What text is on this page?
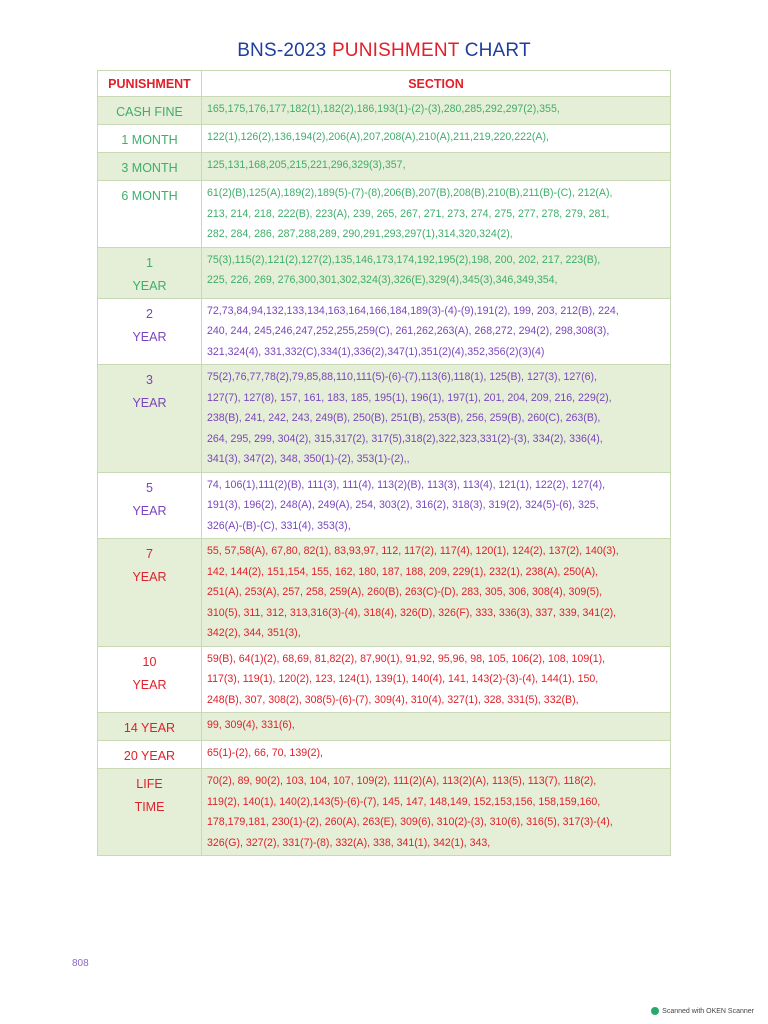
BNS-2023 PUNISHMENT CHART
PUNISHMENT	SECTION

CASH FINE	165,175,176,177,182(1),182(2),186,193(1)-(2)-(3),280,285,292,297(2),355,

1 MONTH	122(1),126(2),136,194(2),206(A),207,208(A),210(A),211,219,220,222(A),

3 MONTH	125,131,168,205,215,221,296,329(3),357,

6 MONTH	61(2)(B),125(A),189(2),189(5)-(7)-(8),206(B),207(B),208(B),210(B),211(B)-(C), 212(A),
213, 214, 218, 222(B), 223(A), 239, 265, 267, 271, 273, 274, 275, 277, 278, 279, 281,
282, 284, 286, 287,288,289, 290,291,293,297(1),314,320,324(2),

1
YEAR	75(3),115(2),121(2),127(2),135,146,173,174,192,195(2),198, 200, 202, 217, 223(B),
225, 226, 269, 276,300,301,302,324(3),326(E),329(4),345(3),346,349,354,

2
YEAR	72,73,84,94,132,133,134,163,164,166,184,189(3)-(4)-(9),191(2), 199, 203, 212(B), 224,
240, 244, 245,246,247,252,255,259(C), 261,262,263(A), 268,272, 294(2), 298,308(3),
321,324(4), 331,332(C),334(1),336(2),347(1),351(2)(4),352,356(2)(3)(4)

3
YEAR	75(2),76,77,78(2),79,85,88,110,111(5)-(6)-(7),113(6),118(1), 125(B), 127(3), 127(6),
127(7), 127(8), 157, 161, 183, 185, 195(1), 196(1), 197(1), 201, 204, 209, 216, 229(2),
238(B), 241, 242, 243, 249(B), 250(B), 251(B), 253(B), 256, 259(B), 260(C), 263(B),
264, 295, 299, 304(2), 315,317(2), 317(5),318(2),322,323,331(2)-(3), 334(2), 336(4),
341(3), 347(2), 348, 350(1)-(2), 353(1)-(2),,

5
YEAR	74, 106(1),111(2)(B), 111(3), 111(4), 113(2)(B), 113(3), 113(4), 121(1), 122(2), 127(4),
191(3), 196(2), 248(A), 249(A), 254, 303(2), 316(2), 318(3), 319(2), 324(5)-(6), 325,
326(A)-(B)-(C), 331(4), 353(3),

7
YEAR	55, 57,58(A), 67,80, 82(1), 83,93,97, 112, 117(2), 117(4), 120(1), 124(2), 137(2), 140(3),
142, 144(2), 151,154, 155, 162, 180, 187, 188, 209, 229(1), 232(1), 238(A), 250(A),
251(A), 253(A), 257, 258, 259(A), 260(B), 263(C)-(D), 283, 305, 306, 308(4), 309(5),
310(5), 311, 312, 313,316(3)-(4), 318(4), 326(D), 326(F), 333, 336(3), 337, 339, 341(2),
342(2), 344, 351(3),

10
YEAR	59(B), 64(1)(2), 68,69, 81,82(2), 87,90(1), 91,92, 95,96, 98, 105, 106(2), 108, 109(1),
117(3), 119(1), 120(2), 123, 124(1), 139(1), 140(4), 141, 143(2)-(3)-(4), 144(1), 150,
248(B), 307, 308(2), 308(5)-(6)-(7), 309(4), 310(4), 327(1), 328, 331(5), 332(B),

14 YEAR	99, 309(4), 331(6),

20 YEAR	65(1)-(2), 66, 70, 139(2),

LIFE
TIME	70(2), 89, 90(2), 103, 104, 107, 109(2), 111(2)(A), 113(2)(A), 113(5), 113(7), 118(2),
119(2), 140(1), 140(2),143(5)-(6)-(7), 145, 147, 148,149, 152,153,156, 158,159,160,
178,179,181, 230(1)-(2), 260(A), 263(E), 309(6), 310(2)-(3), 310(6), 316(5), 317(3)-(4),
326(G), 327(2), 331(7)-(8), 332(A), 338, 341(1), 342(1), 343,
808
Scanned with OKEN Scanner
